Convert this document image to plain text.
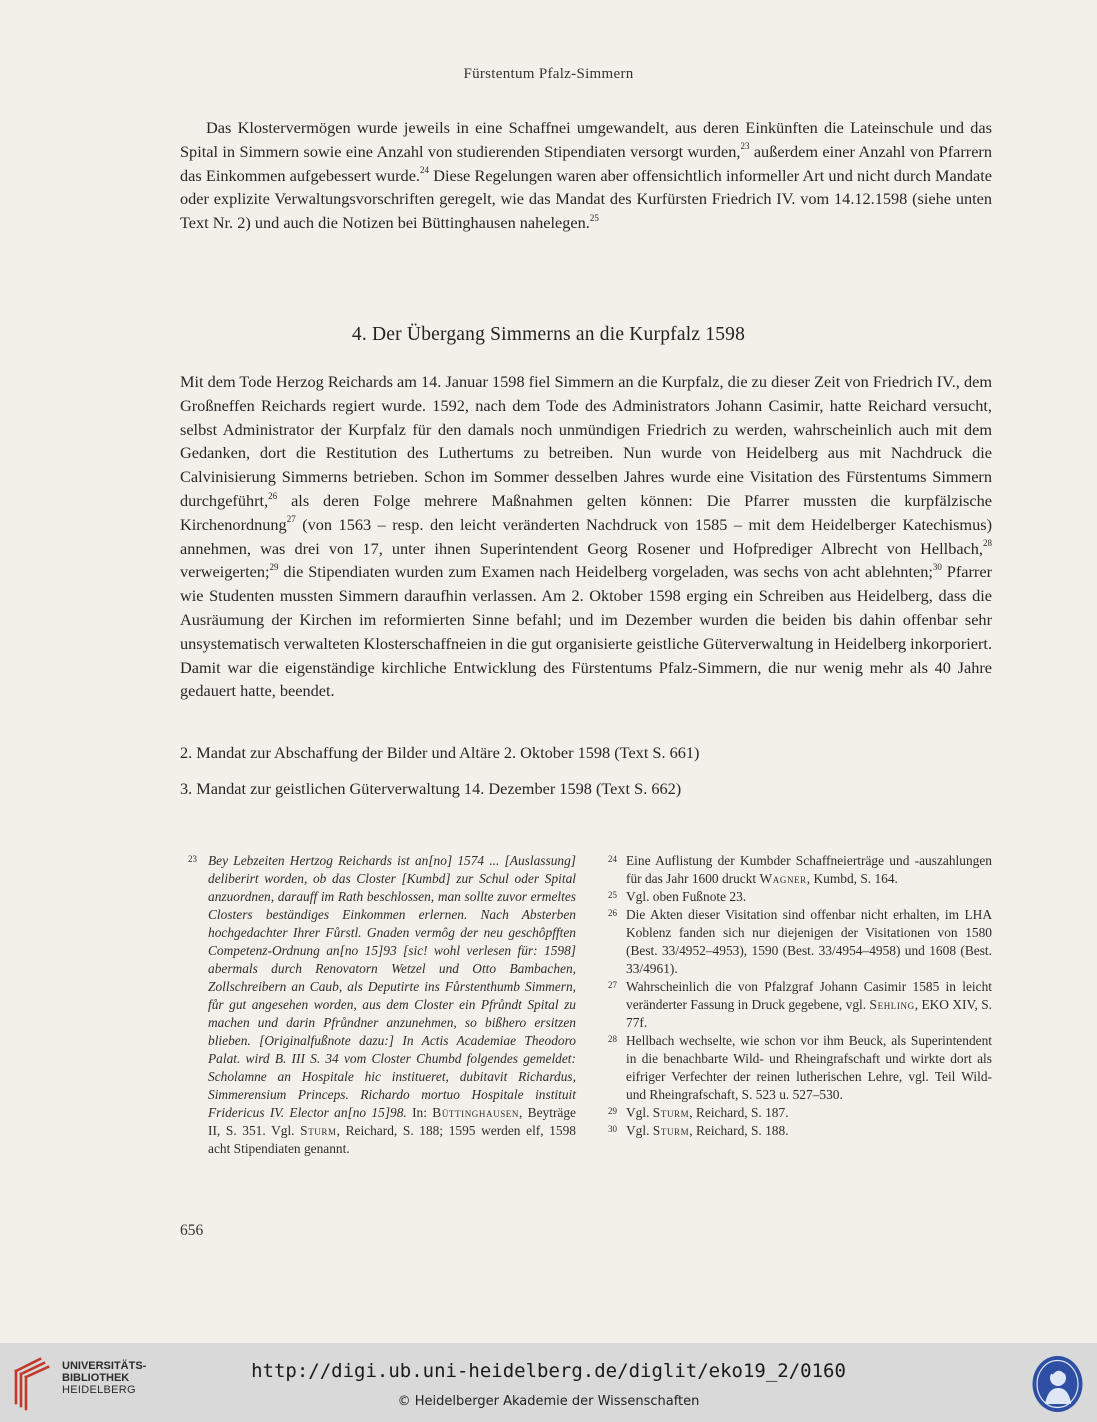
Fürstentum Pfalz-Simmern

Das Klostervermögen wurde jeweils in eine Schaffnei umgewandelt, aus deren Einkünften die Lateinschule und das Spital in Simmern sowie eine Anzahl von studierenden Stipendiaten versorgt wurden,$^{23}$ außerdem einer Anzahl von Pfarrern das Einkommen aufgebessert wurde.$^{24}$ Diese Regelungen waren aber offensichtlich informeller Art und nicht durch Mandate oder explizite Verwaltungsvorschriften geregelt, wie das Mandat des Kurfürsten Friedrich IV. vom 14.12.1598 (siehe unten Text Nr. 2) und auch die Notizen bei Büttinghausen nahelegen.$^{25}$

4. Der Übergang Simmerns an die Kurpfalz 1598

Mit dem Tode Herzog Reichards am 14. Januar 1598 fiel Simmern an die Kurpfalz, die zu dieser Zeit von Friedrich IV., dem Großneffen Reichards regiert wurde. 1592, nach dem Tode des Administrators Johann Casimir, hatte Reichard versucht, selbst Administrator der Kurpfalz für den damals noch unmündigen Friedrich zu werden, wahrscheinlich auch mit dem Gedanken, dort die Restitution des Luthertums zu betreiben. Nun wurde von Heidelberg aus mit Nachdruck die Calvinisierung Simmerns betrieben. Schon im Sommer desselben Jahres wurde eine Visitation des Fürstentums Simmern durchgeführt,$^{26}$ als deren Folge mehrere Maßnahmen gelten können: Die Pfarrer mussten die kurpfälzische Kirchenordnung$^{27}$ (von 1563 – resp. den leicht veränderten Nachdruck von 1585 – mit dem Heidelberger Katechismus) annehmen, was drei von 17, unter ihnen Superintendent Georg Rosener und Hofprediger Albrecht von Hellbach,$^{28}$ verweigerten;$^{29}$ die Stipendiaten wurden zum Examen nach Heidelberg vorgeladen, was sechs von acht ablehnten;$^{30}$ Pfarrer wie Studenten mussten Simmern daraufhin verlassen. Am 2. Oktober 1598 erging ein Schreiben aus Heidelberg, dass die Ausräumung der Kirchen im reformierten Sinne befahl; und im Dezember wurden die beiden bis dahin offenbar sehr unsystematisch verwalteten Klosterschaffneien in die gut organisierte geistliche Güterverwaltung in Heidelberg inkorporiert. Damit war die eigenständige kirchliche Entwicklung des Fürstentums Pfalz-Simmern, die nur wenig mehr als 40 Jahre gedauert hatte, beendet.

2. Mandat zur Abschaffung der Bilder und Altäre 2. Oktober 1598 (Text S. 661)
3. Mandat zur geistlichen Güterverwaltung 14. Dezember 1598 (Text S. 662)
23 Bey Lebzeiten Hertzog Reichards ist an[no] 1574 ... [Auslassung] deliberirt worden, ob das Closter [Kumbd] zur Schul oder Spital anzuordnen, darauff im Rath beschlossen, man sollte zuvor ermeltes Closters beständiges Einkommen erlernen. Nach Absterben hochgedachter Ihrer Fůrstl. Gnaden vermôg der neu geschôpfften Competenz-Ordnung an[no 15]93 [sic! wohl verlesen für: 1598] abermals durch Renovatorn Wetzel und Otto Bambachen, Zollschreibern an Caub, als Deputirte ins Fůrstenthumb Simmern, fůr gut angesehen worden, aus dem Closter ein Pfrůndt Spital zu machen und darin Pfrůndner anzunehmen, so bißhero ersitzen blieben. [Originalfußnote dazu:] In Actis Academiae Theodoro Palat. wird B. III S. 34 vom Closter Chumbd folgendes gemeldet: Scholamne an Hospitale hic institueret, dubitavit Richardus, Simmerensium Princeps. Richardo mortuo Hospitale instituit Fridericus IV. Elector an[no 15]98. In: Büttinghausen, Beyträge II, S. 351. Vgl. Sturm, Reichard, S. 188; 1595 werden elf, 1598 acht Stipendiaten genannt.
24 Eine Auflistung der Kumbder Schaffneierträge und -auszahlungen für das Jahr 1600 druckt Wagner, Kumbd, S. 164.
25 Vgl. oben Fußnote 23.
26 Die Akten dieser Visitation sind offenbar nicht erhalten, im LHA Koblenz fanden sich nur diejenigen der Visitationen von 1580 (Best. 33/4952–4953), 1590 (Best. 33/4954–4958) und 1608 (Best. 33/4961).
27 Wahrscheinlich die von Pfalzgraf Johann Casimir 1585 in leicht veränderter Fassung in Druck gegebene, vgl. Sehling, EKO XIV, S. 77f.
28 Hellbach wechselte, wie schon vor ihm Beuck, als Superintendent in die benachbarte Wild- und Rheingrafschaft und wirkte dort als eifriger Verfechter der reinen lutherischen Lehre, vgl. Teil Wild- und Rheingrafschaft, S. 523 u. 527–530.
29 Vgl. Sturm, Reichard, S. 187.
30 Vgl. Sturm, Reichard, S. 188.
656
UNIVERSITÄTS-
BIBLIOTHEK
HEIDELBERG
http://digi.ub.uni-heidelberg.de/diglit/eko19_2/0160
© Heidelberger Akademie der Wissenschaften
